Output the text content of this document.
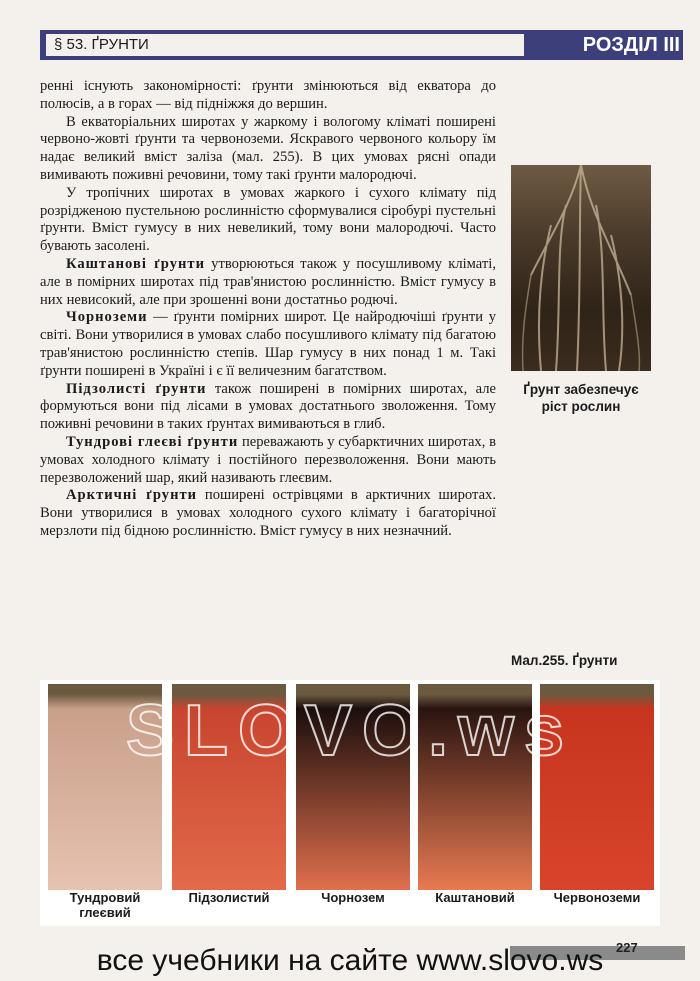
§ 53. ҐРУНТИ	РОЗДІЛ III

ренні існують закономірності: ґрунти змінюються від екватора до полюсів, а в горах — від підніжжя до вершин.

В екваторіальних широтах у жаркому і вологому кліматі поширені червоно-жовті ґрунти та червоноземи. Яскравого червоного кольору їм надає великий вміст заліза (мал. 255). В цих умовах рясні опади вимивають поживні речовини, тому такі ґрунти малородючі.

У тропічних широтах в умовах жаркого і сухого клімату під розрідженою пустельною рослинністю сформувалися сіробурі пустельні ґрунти. Вміст гумусу в них невеликий, тому вони малородючі. Часто бувають засолені.

Каштанові ґрунти утворюються також у посушливому кліматі, але в помірних широтах під трав'янистою рослинністю. Вміст гумусу в них невисокий, але при зрошенні вони достатньо родючі.

Чорноземи — ґрунти помірних широт. Це найродючіші ґрунти у світі. Вони утворилися в умовах слабо посушливого клімату під багатою трав'янистою рослинністю степів. Шар гумусу в них понад 1 м. Такі ґрунти поширені в Україні і є її величезним багатством.

Підзолисті ґрунти також поширені в помірних широтах, але формуються вони під лісами в умовах достатнього зволоження. Тому поживні речовини в таких ґрунтах вимиваються в глиб.

Тундрові глеєві ґрунти переважають у субарктичних широтах, в умовах холодного клімату і постійного перезволоження. Вони мають перезволожений шар, який називають глеєвим.

Арктичні ґрунти поширені острівцями в арктичних широтах. Вони утворилися в умовах холодного сухого клімату і багаторічної мерзлоти під бідною рослинністю. Вміст гумусу в них незначний.

Ґрунт забезпечує ріст рослин
Мал.255. Ґрунти
Тундровий глеєвий
Підзолистий	Чорнозем	Каштановий	Червоноземи
SLOVO.ws
227
все учебники на сайте www.slovo.ws
